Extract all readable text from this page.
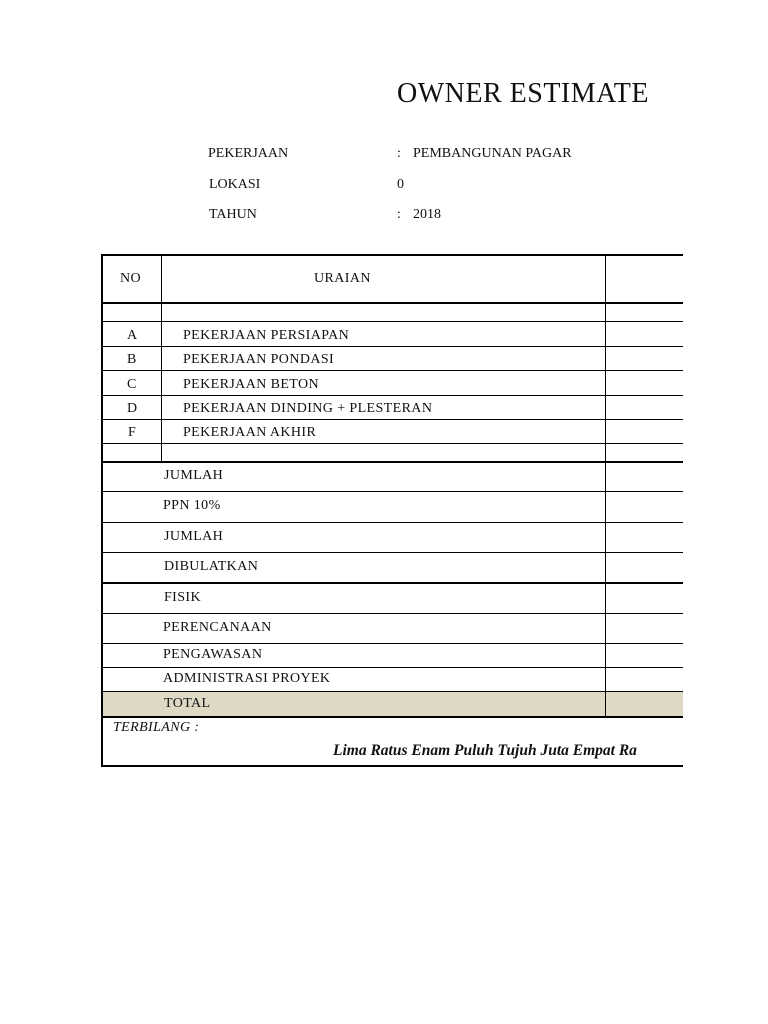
OWNER ESTIMATE
PEKERJAAN	: PEMBANGUNAN PAGAR
LOKASI	0
TAHUN	: 2018
NO	URAIAN
A	PEKERJAAN PERSIAPAN
B	PEKERJAAN PONDASI
C	PEKERJAAN BETON
D	PEKERJAAN DINDING + PLESTERAN
F	PEKERJAAN AKHIR
JUMLAH
PPN 10%
JUMLAH
DIBULATKAN
FISIK
PERENCANAAN
PENGAWASAN
ADMINISTRASI PROYEK
TOTAL
TERBILANG :
Lima Ratus Enam Puluh Tujuh Juta Empat Ra
